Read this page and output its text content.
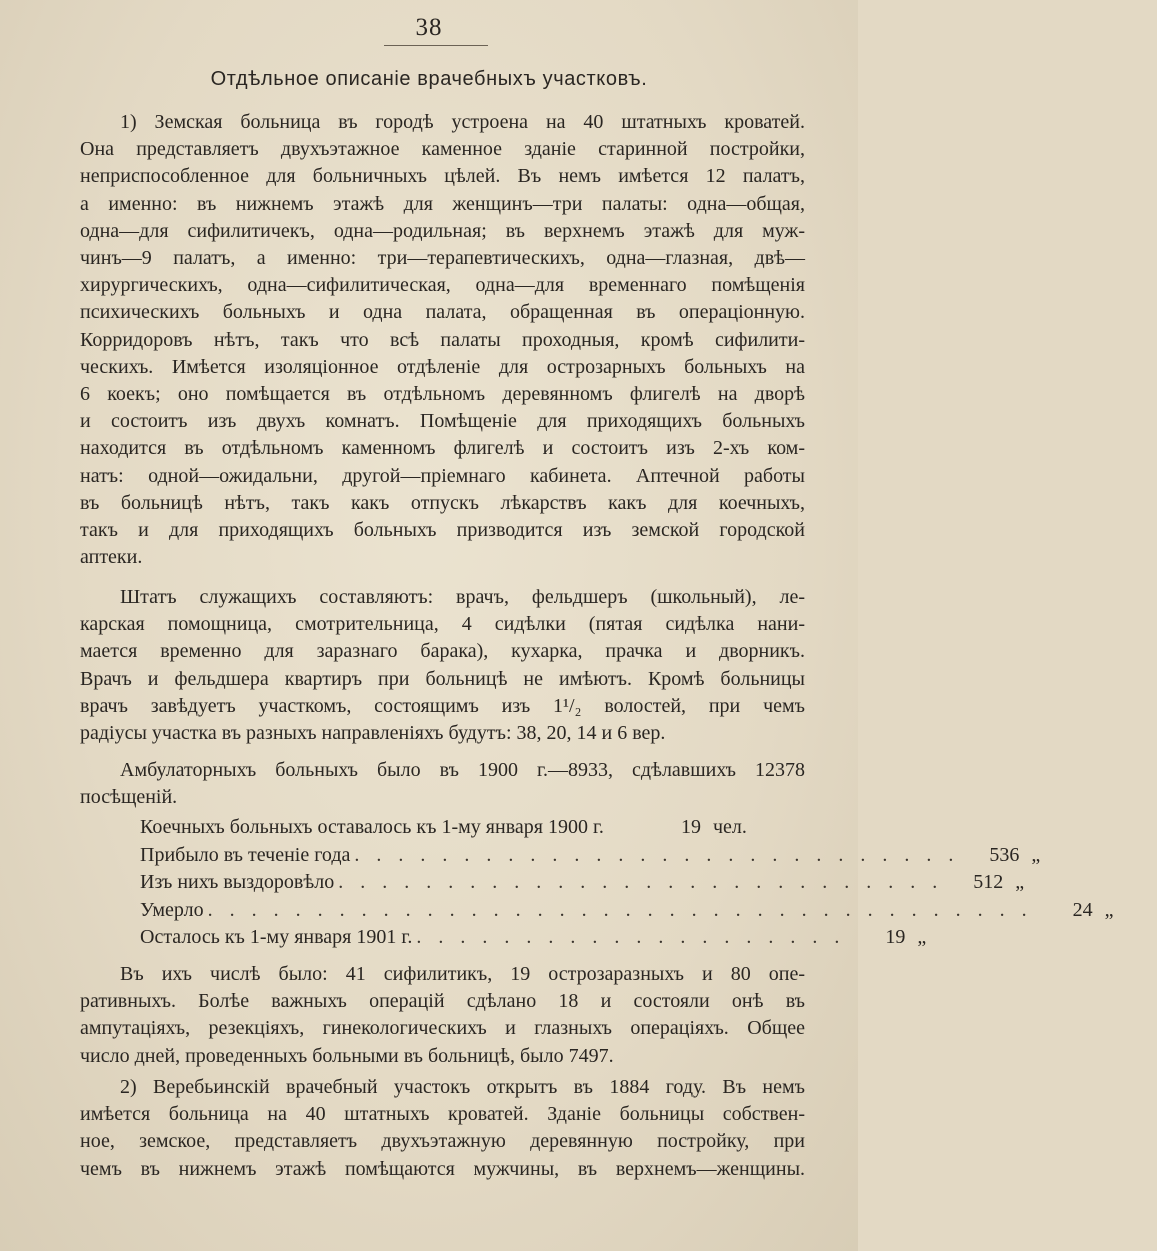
38
Отдѣльное описаніе врачебныхъ участковъ.
1) Земская больница въ городѣ устроена на 40 штатныхъ кроватей.
Она представляетъ двухъэтажное каменное зданіе старинной постройки,
неприспособленное для больничныхъ цѣлей. Въ немъ имѣется 12 палатъ,
а именно: въ нижнемъ этажѣ для женщинъ—три палаты: одна—общая,
одна—для сифилитичекъ, одна—родильная; въ верхнемъ этажѣ для муж-
чинъ—9 палатъ, а именно: три—терапевтическихъ, одна—глазная, двѣ—
хирургическихъ, одна—сифилитическая, одна—для временнаго помѣщенія
психическихъ больныхъ и одна палата, обращенная въ операціонную.
Корридоровъ нѣтъ, такъ что всѣ палаты проходныя, кромѣ сифилити-
ческихъ. Имѣется изоляціонное отдѣленіе для острозарныхъ больныхъ на
6 коекъ; оно помѣщается въ отдѣльномъ деревянномъ флигелѣ на дворѣ
и состоитъ изъ двухъ комнатъ. Помѣщеніе для приходящихъ больныхъ
находится въ отдѣльномъ каменномъ флигелѣ и состоитъ изъ 2-хъ ком-
натъ: одной—ожидальни, другой—пріемнаго кабинета. Аптечной работы
въ больницѣ нѣтъ, такъ какъ отпускъ лѣкарствъ какъ для коечныхъ,
такъ и для приходящихъ больныхъ призводится изъ земской городской
аптеки.
Штатъ служащихъ составляютъ: врачъ, фельдшеръ (школьный), ле-
карская помощница, смотрительница, 4 сидѣлки (пятая сидѣлка нани-
мается временно для заразнаго барака), кухарка, прачка и дворникъ.
Врачъ и фельдшера квартиръ при больницѣ не имѣютъ. Кромѣ больницы
врачъ завѣдуетъ участкомъ, состоящимъ изъ 1¹/₂ волостей, при чемъ
радіусы участка въ разныхъ направленіяхъ будутъ: 38, 20, 14 и 6 вер.
Амбулаторныхъ больныхъ было въ 1900 г.—8933, сдѣлавшихъ 12378
посѣщеній.
Коечныхъ больныхъ оставалось къ 1-му января 1900 г.	19 чел.
Прибыло въ теченіе года . . . . . . . . . . . . . . . . . . . . . . . . . . . .	536 „
Изъ нихъ выздоровѣло . . . . . . . . . . . . . . . . . . . . . . . . . . . .	512 „
Умерло . . . . . . . . . . . . . . . . . . . . . . . . . . . . . . . . . . . . . .	24 „
Осталось къ 1-му января 1901 г. . . . . . . . . . . . . . . . . . . . .	19 „
Въ ихъ числѣ было: 41 сифилитикъ, 19 острозаразныхъ и 80 опе-
ративныхъ. Болѣе важныхъ операцій сдѣлано 18 и состояли онѣ въ
ампутаціяхъ, резекціяхъ, гинекологическихъ и глазныхъ операціяхъ. Общее
число дней, проведенныхъ больными въ больницѣ, было 7497.
2) Веребьинскій врачебный участокъ открытъ въ 1884 году. Въ немъ
имѣется больница на 40 штатныхъ кроватей. Зданіе больницы собствен-
ное, земское, представляетъ двухъэтажную деревянную постройку, при
чемъ въ нижнемъ этажѣ помѣщаются мужчины, въ верхнемъ—женщины.
